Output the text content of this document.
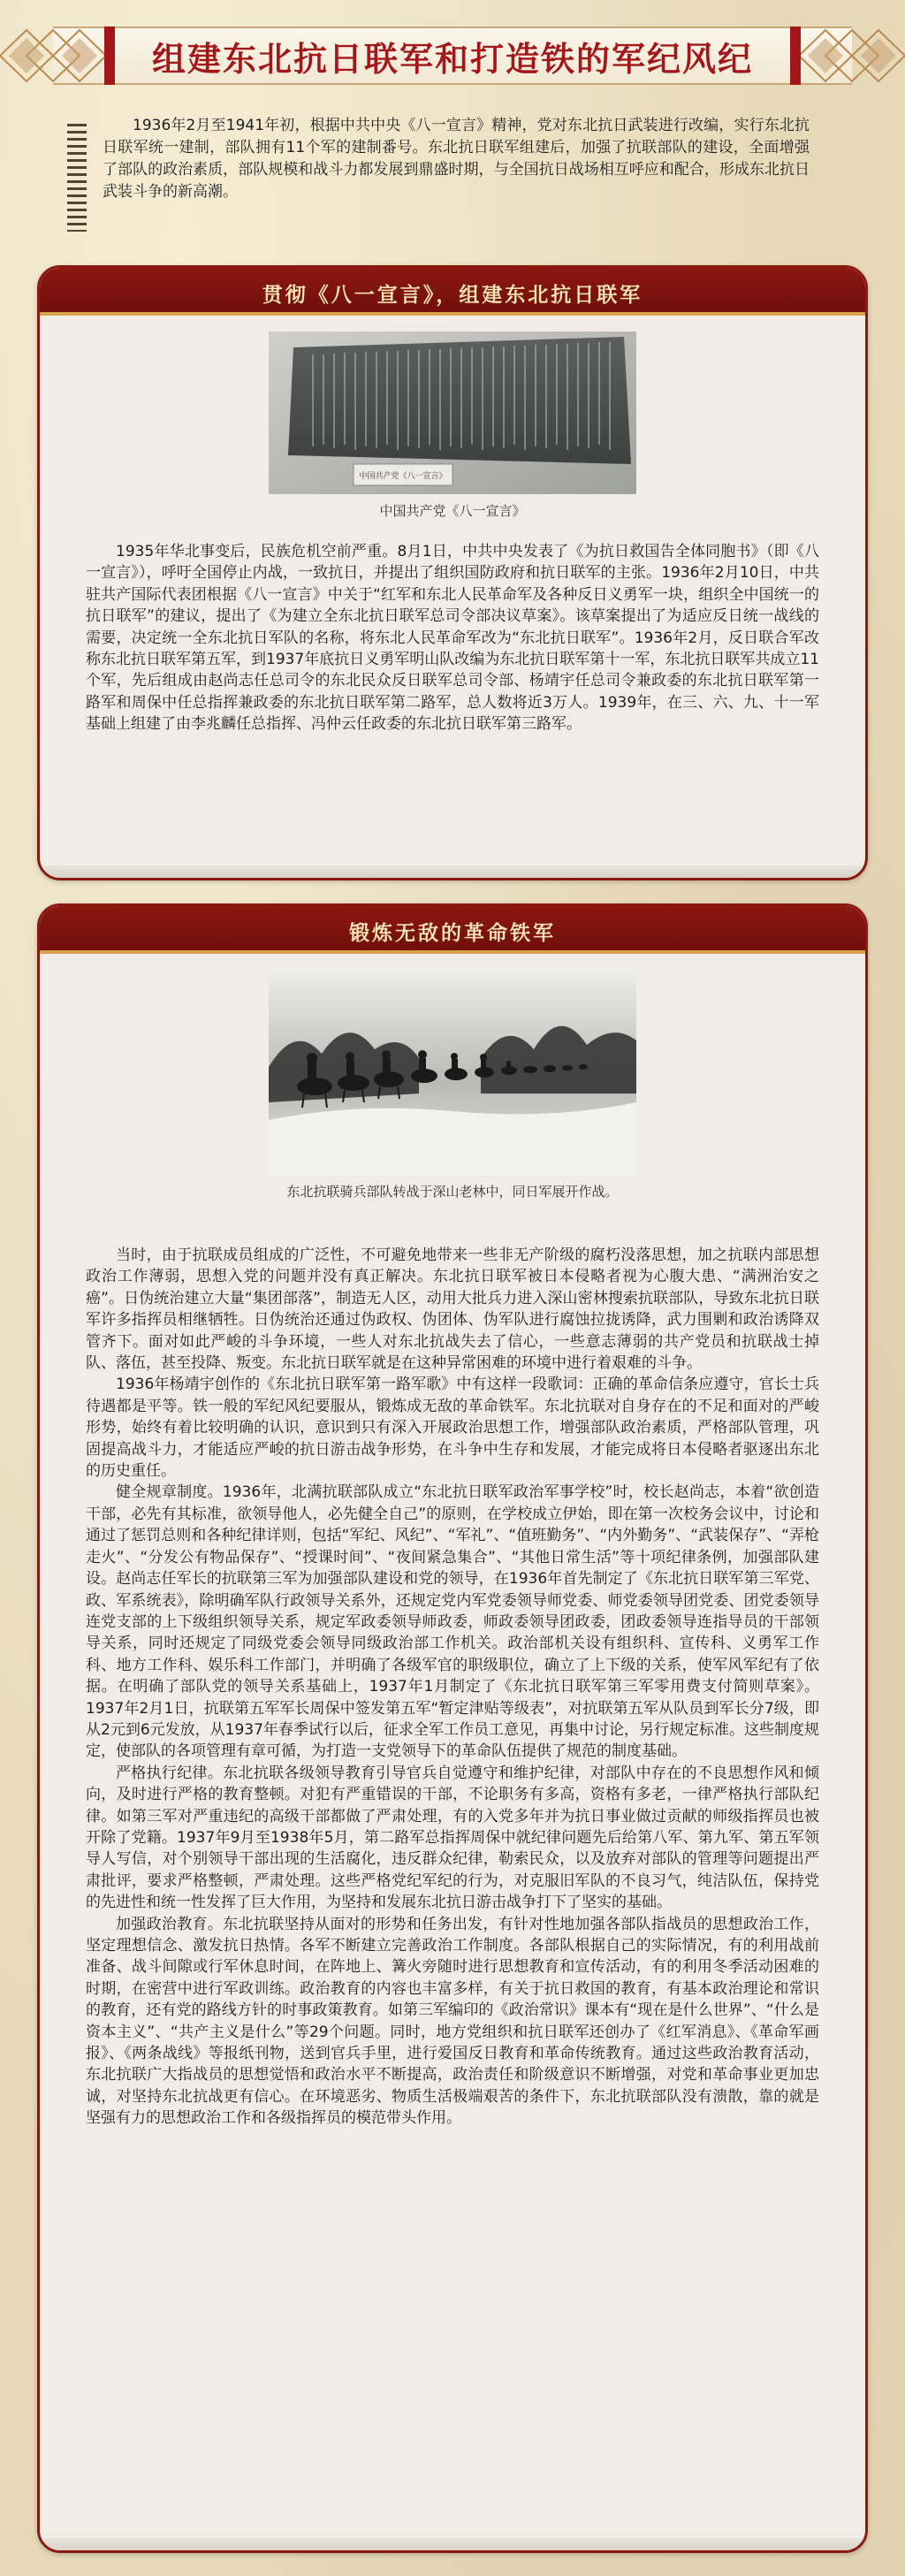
组建东北抗日联军和打造铁的军纪风纪
1936年2月至1941年初，根据中共中央《八一宣言》精神，党对东北抗日武装进行改编，实行东北抗日联军统一建制，部队拥有11个军的建制番号。东北抗日联军组建后，加强了抗联部队的建设，全面增强了部队的政治素质，部队规模和战斗力都发展到鼎盛时期，与全国抗日战场相互呼应和配合，形成东北抗日武装斗争的新高潮。
贯彻《八一宣言》，组建东北抗日联军
中国共产党《八一宣言》
中国共产党《八一宣言》

1935年华北事变后，民族危机空前严重。8月1日，中共中央发表了《为抗日救国告全体同胞书》（即《八一宣言》），呼吁全国停止内战，一致抗日，并提出了组织国防政府和抗日联军的主张。1936年2月10日，中共驻共产国际代表团根据《八一宣言》中关于“红军和东北人民革命军及各种反日义勇军一块，组织全中国统一的抗日联军”的建议，提出了《为建立全东北抗日联军总司令部决议草案》。该草案提出了为适应反日统一战线的需要，决定统一全东北抗日军队的名称，将东北人民革命军改为“东北抗日联军”。1936年2月，反日联合军改称东北抗日联军第五军，到1937年底抗日义勇军明山队改编为东北抗日联军第十一军，东北抗日联军共成立11个军，先后组成由赵尚志任总司令的东北民众反日联军总司令部、杨靖宇任总司令兼政委的东北抗日联军第一路军和周保中任总指挥兼政委的东北抗日联军第二路军，总人数将近3万人。1939年，在三、六、九、十一军基础上组建了由李兆麟任总指挥、冯仲云任政委的东北抗日联军第三路军。

锻炼无敌的革命铁军
东北抗联骑兵部队转战于深山老林中，同日军展开作战。

当时，由于抗联成员组成的广泛性，不可避免地带来一些非无产阶级的腐朽没落思想，加之抗联内部思想政治工作薄弱，思想入党的问题并没有真正解决。东北抗日联军被日本侵略者视为心腹大患、“满洲治安之癌”。日伪统治建立大量“集团部落”，制造无人区，动用大批兵力进入深山密林搜索抗联部队，导致东北抗日联军许多指挥员相继牺牲。日伪统治还通过伪政权、伪团体、伪军队进行腐蚀拉拢诱降，武力围剿和政治诱降双管齐下。面对如此严峻的斗争环境，一些人对东北抗战失去了信心，一些意志薄弱的共产党员和抗联战士掉队、落伍，甚至投降、叛变。东北抗日联军就是在这种异常困难的环境中进行着艰难的斗争。

1936年杨靖宇创作的《东北抗日联军第一路军歌》中有这样一段歌词：正确的革命信条应遵守，官长士兵待遇都是平等。铁一般的军纪风纪要服从，锻炼成无敌的革命铁军。东北抗联对自身存在的不足和面对的严峻形势，始终有着比较明确的认识，意识到只有深入开展政治思想工作，增强部队政治素质，严格部队管理，巩固提高战斗力，才能适应严峻的抗日游击战争形势，在斗争中生存和发展，才能完成将日本侵略者驱逐出东北的历史重任。

健全规章制度。1936年，北满抗联部队成立“东北抗日联军政治军事学校”时，校长赵尚志，本着“欲创造干部，必先有其标准，欲领导他人，必先健全自己”的原则，在学校成立伊始，即在第一次校务会议中，讨论和通过了惩罚总则和各种纪律详则，包括“军纪、风纪”、“军礼”、“值班勤务”、“内外勤务”、“武装保存”、“弄枪走火”、“分发公有物品保存”、“授课时间”、“夜间紧急集合”、“其他日常生活”等十项纪律条例，加强部队建设。赵尚志任军长的抗联第三军为加强部队建设和党的领导，在1936年首先制定了《东北抗日联军第三军党、政、军系统表》，除明确军队行政领导关系外，还规定党内军党委领导师党委、师党委领导团党委、团党委领导连党支部的上下级组织领导关系，规定军政委领导师政委，师政委领导团政委，团政委领导连指导员的干部领导关系，同时还规定了同级党委会领导同级政治部工作机关。政治部机关设有组织科、宣传科、义勇军工作科、地方工作科、娱乐科工作部门，并明确了各级军官的职级职位，确立了上下级的关系，使军风军纪有了依据。在明确了部队党的领导关系基础上，1937年1月制定了《东北抗日联军第三军零用费支付简则草案》。1937年2月1日，抗联第五军军长周保中签发第五军“暂定津贴等级表”，对抗联第五军从队员到军长分7级，即从2元到6元发放，从1937年春季试行以后，征求全军工作员工意见，再集中讨论，另行规定标准。这些制度规定，使部队的各项管理有章可循，为打造一支党领导下的革命队伍提供了规范的制度基础。

严格执行纪律。东北抗联各级领导教育引导官兵自觉遵守和维护纪律，对部队中存在的不良思想作风和倾向，及时进行严格的教育整顿。对犯有严重错误的干部，不论职务有多高，资格有多老，一律严格执行部队纪律。如第三军对严重违纪的高级干部都做了严肃处理，有的入党多年并为抗日事业做过贡献的师级指挥员也被开除了党籍。1937年9月至1938年5月，第二路军总指挥周保中就纪律问题先后给第八军、第九军、第五军领导人写信，对个别领导干部出现的生活腐化，违反群众纪律，勒索民众，以及放弃对部队的管理等问题提出严肃批评，要求严格整顿，严肃处理。这些严格党纪军纪的行为，对克服旧军队的不良习气，纯洁队伍，保持党的先进性和统一性发挥了巨大作用，为坚持和发展东北抗日游击战争打下了坚实的基础。

加强政治教育。东北抗联坚持从面对的形势和任务出发，有针对性地加强各部队指战员的思想政治工作，坚定理想信念、激发抗日热情。各军不断建立完善政治工作制度。各部队根据自己的实际情况，有的利用战前准备、战斗间隙或行军休息时间，在阵地上、篝火旁随时进行思想教育和宣传活动，有的利用冬季活动困难的时期，在密营中进行军政训练。政治教育的内容也丰富多样，有关于抗日救国的教育，有基本政治理论和常识的教育，还有党的路线方针的时事政策教育。如第三军编印的《政治常识》课本有“现在是什么世界”、“什么是资本主义”、“共产主义是什么”等29个问题。同时，地方党组织和抗日联军还创办了《红军消息》、《革命军画报》、《两条战线》等报纸刊物，送到官兵手里，进行爱国反日教育和革命传统教育。通过这些政治教育活动，东北抗联广大指战员的思想觉悟和政治水平不断提高，政治责任和阶级意识不断增强，对党和革命事业更加忠诚，对坚持东北抗战更有信心。在环境恶劣、物质生活极端艰苦的条件下，东北抗联部队没有溃散，靠的就是坚强有力的思想政治工作和各级指挥员的模范带头作用。
